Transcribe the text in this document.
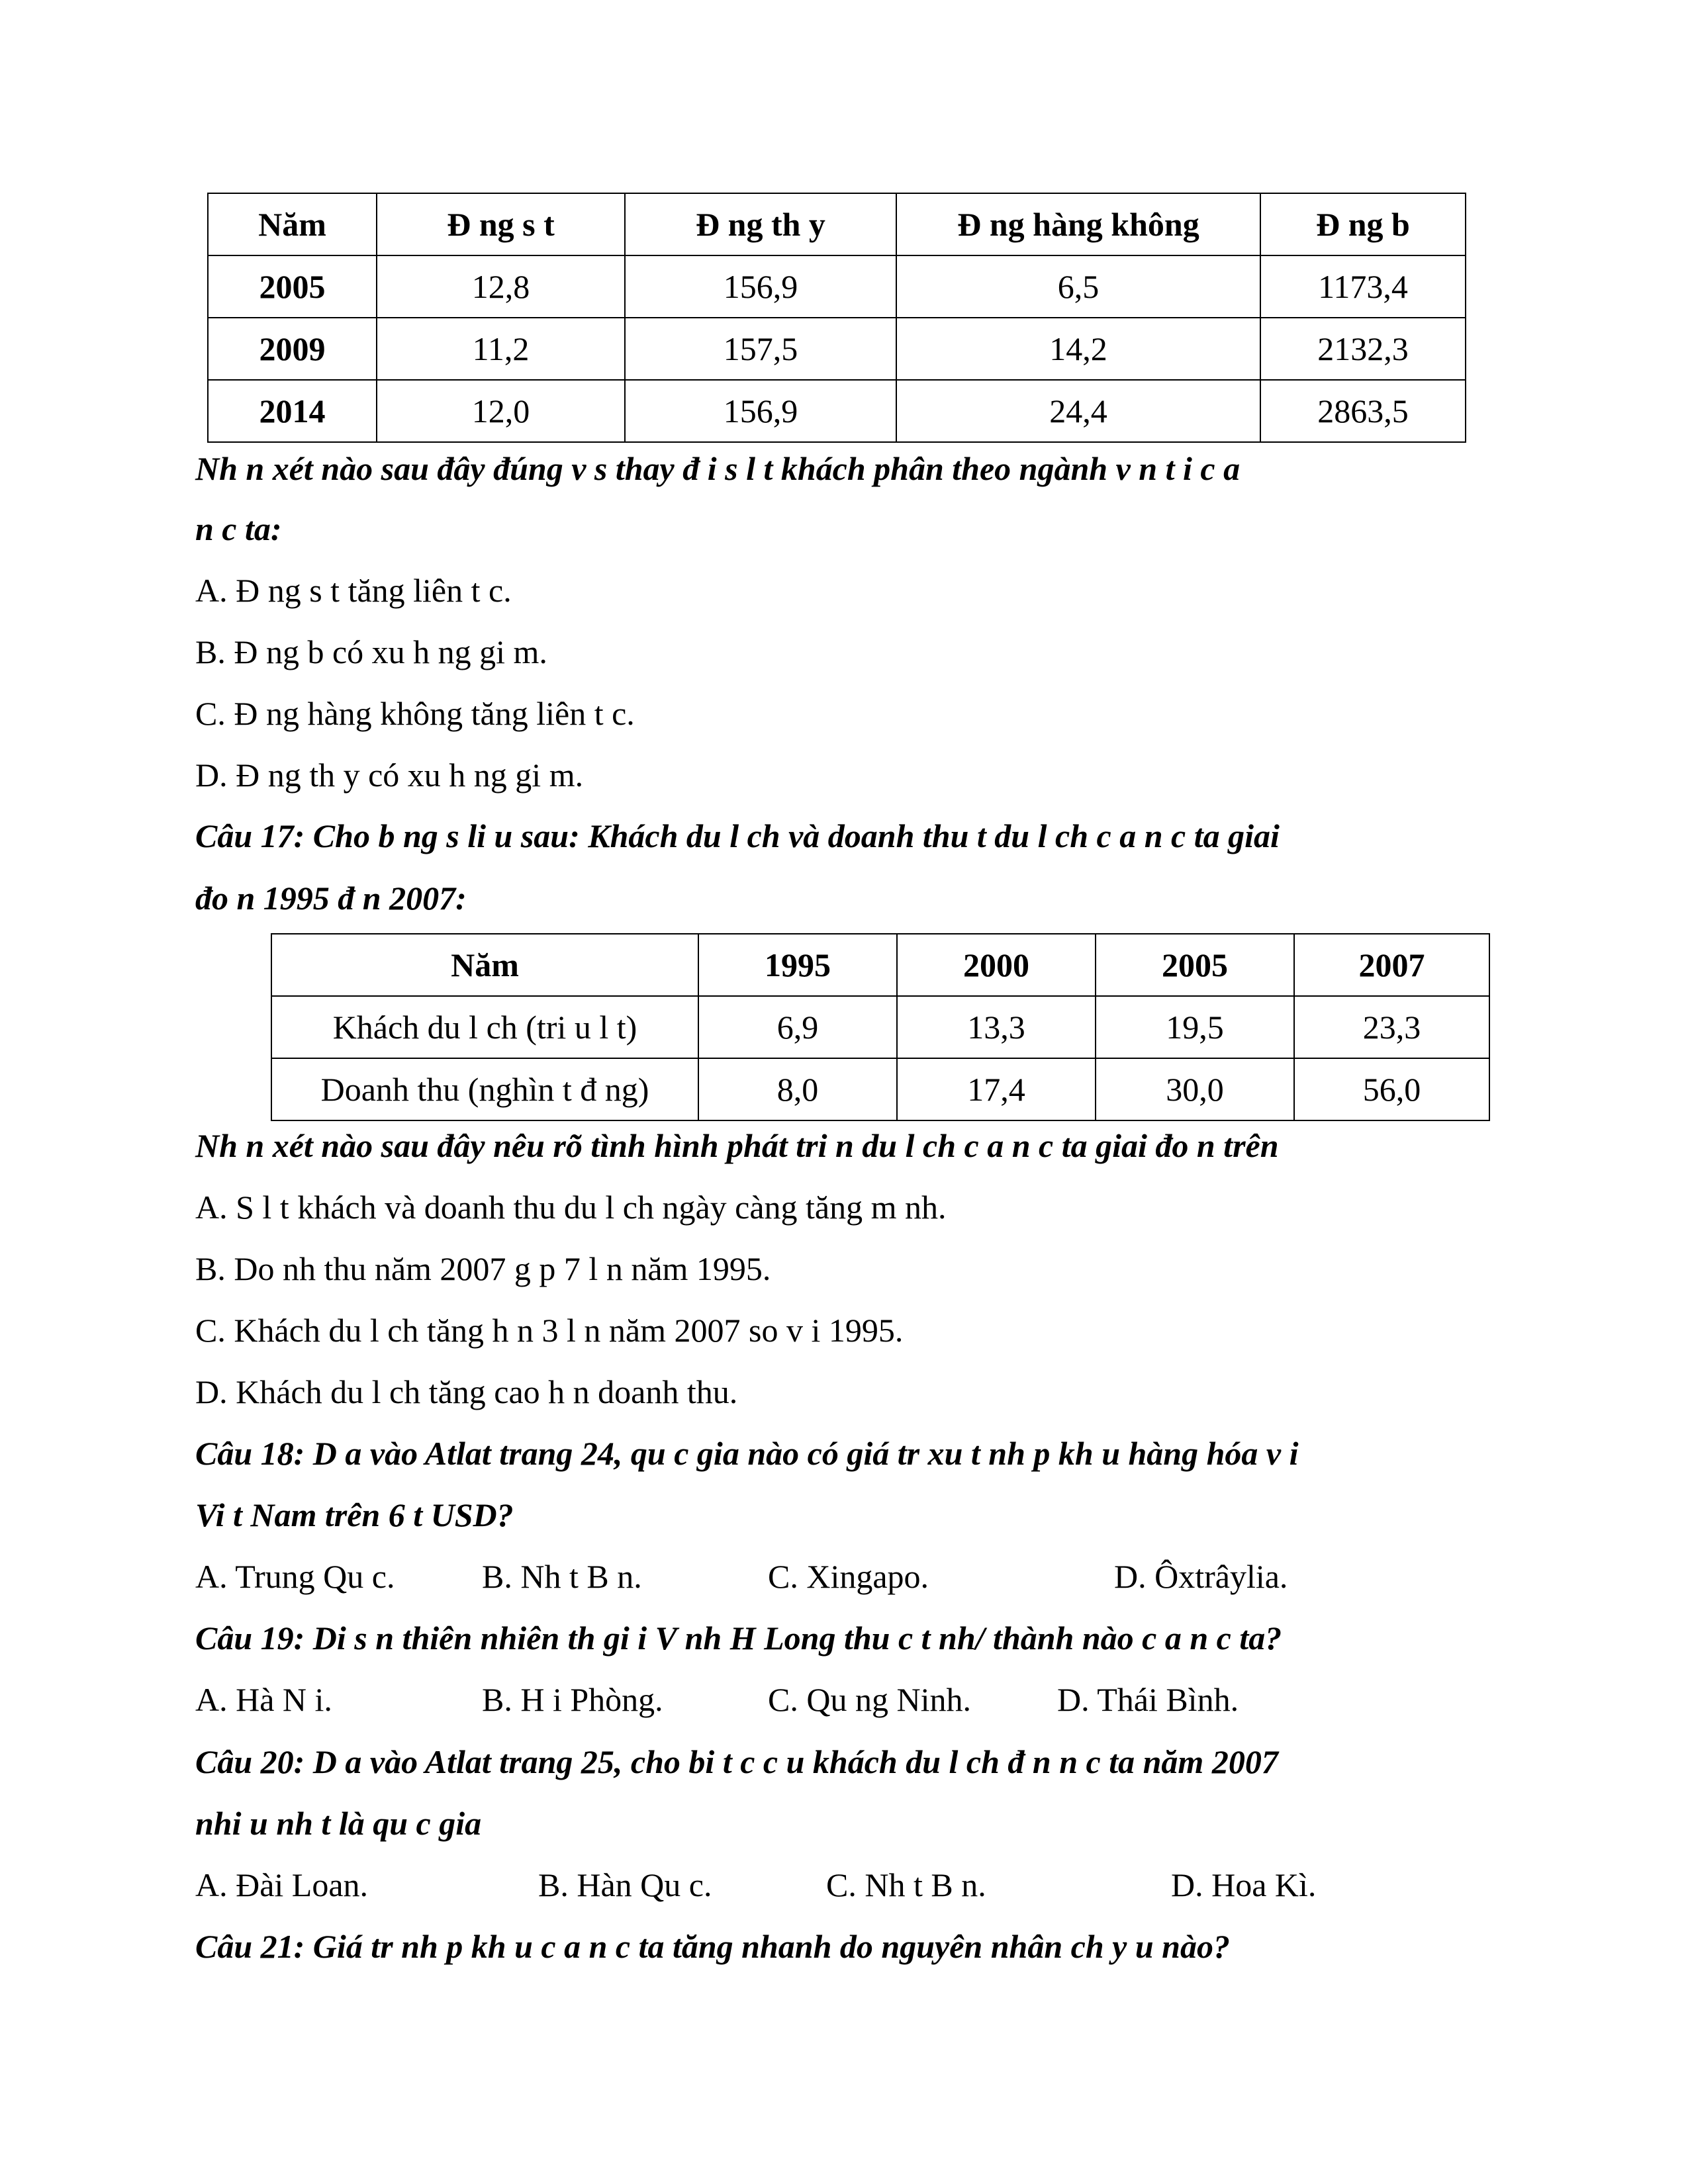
Năm	Đ ng s t	Đ ng th y	Đ ng hàng không	Đ ng b
2005	12,8	156,9	6,5	1173,4
2009	11,2	157,5	14,2	2132,3
2014	12,0	156,9	24,4	2863,5
Nh n xét nào sau đây đúng v s thay đ i s l t khách phân theo ngành v n t i c a
n c ta:
A. Đ ng s t tăng liên t c.
B. Đ ng b có xu h ng gi m.
C. Đ ng hàng không tăng liên t c.
D. Đ ng th y có xu h ng gi m.
Câu 17: Cho b ng s li u sau: Khách du l ch và doanh thu t du l ch c a n c ta giai
đo n 1995 đ n 2007:
Năm	1995	2000	2005	2007
Khách du l ch (tri u l t)	6,9	13,3	19,5	23,3
Doanh thu (nghìn t đ ng)	8,0	17,4	30,0	56,0
Nh n xét nào sau đây nêu rõ tình hình phát tri n du l ch c a n c ta giai đo n trên
A. S l t khách và doanh thu du l ch ngày càng tăng m nh.
B. Do nh thu năm 2007 g p 7 l n năm 1995.
C. Khách du l ch tăng h n 3 l n năm 2007 so v i 1995.
D. Khách du l ch tăng cao h n doanh thu.
Câu 18: D a vào Atlat trang 24, qu c gia nào có giá tr xu t nh p kh u hàng hóa v i
Vi t Nam trên 6 t USD?
A. Trung Qu c.	B. Nh t B n.	C. Xingapo.	D. Ôxtrâylia.
Câu 19: Di s n thiên nhiên th gi i V nh H Long thu c t nh/ thành nào c a n c ta?
A. Hà N i.	B. H i Phòng.	C. Qu ng Ninh.	D. Thái Bình.
Câu 20: D a vào Atlat trang 25, cho bi t c c u khách du l ch đ n n c ta năm 2007
nhi u nh t là qu c gia
A. Đài Loan.	B. Hàn Qu c.	C. Nh t B n.	D. Hoa Kì.
Câu 21: Giá tr nh p kh u c a n c ta tăng nhanh do nguyên nhân ch y u nào?
